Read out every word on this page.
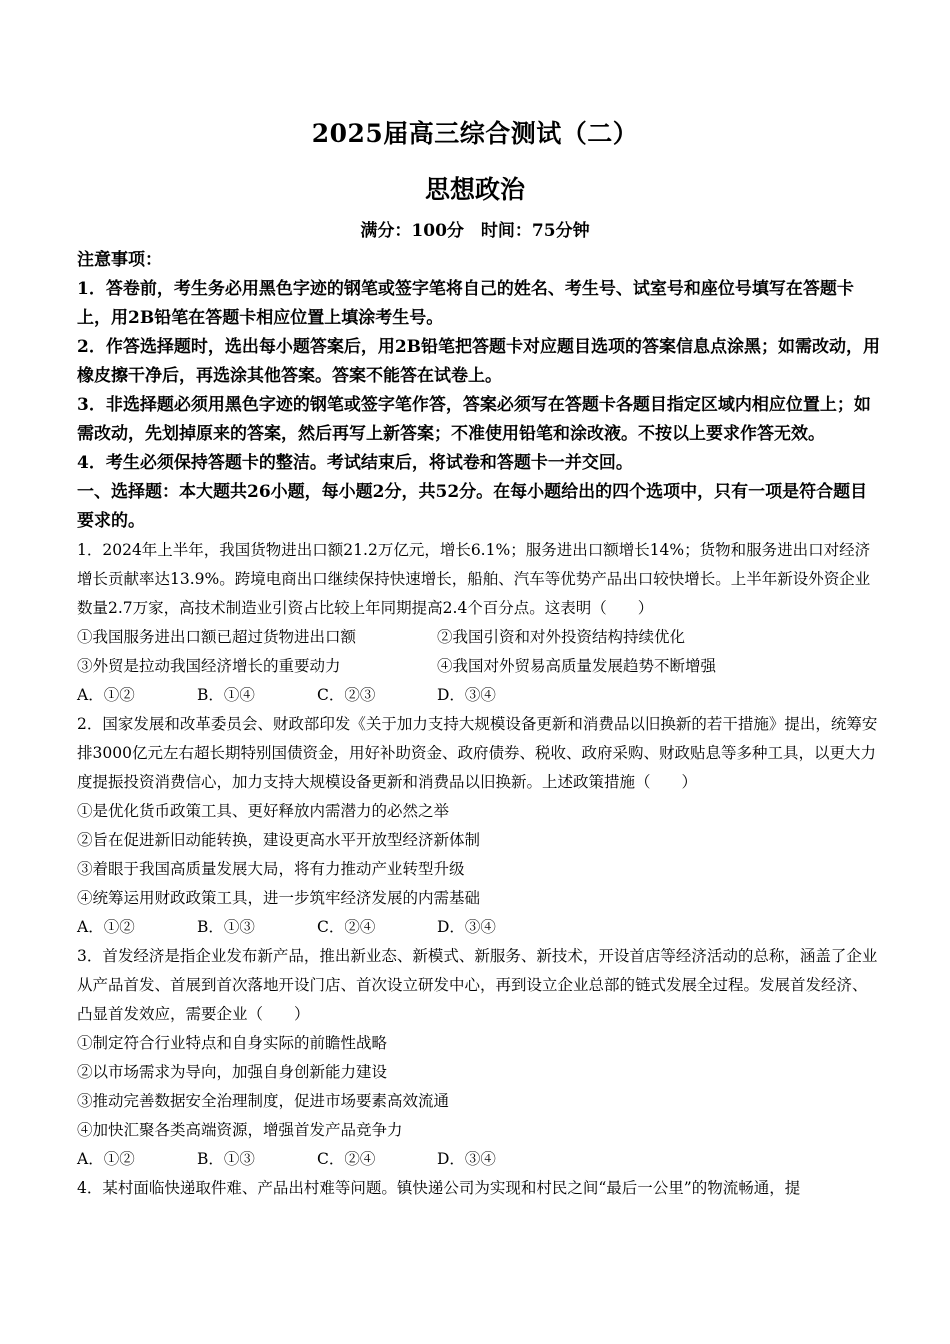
2025届高三综合测试（二）
思想政治
满分：100分　时间：75分钟

注意事项：

1．答卷前，考生务必用黑色字迹的钢笔或签字笔将自己的姓名、考生号、试室号和座位号填写在答题卡上，用2B铅笔在答题卡相应位置上填涂考生号。

2．作答选择题时，选出每小题答案后，用2B铅笔把答题卡对应题目选项的答案信息点涂黑；如需改动，用橡皮擦干净后，再选涂其他答案。答案不能答在试卷上。

3．非选择题必须用黑色字迹的钢笔或签字笔作答，答案必须写在答题卡各题目指定区域内相应位置上；如需改动，先划掉原来的答案，然后再写上新答案；不准使用铅笔和涂改液。不按以上要求作答无效。

4．考生必须保持答题卡的整洁。考试结束后，将试卷和答题卡一并交回。

一、选择题：本大题共26小题，每小题2分，共52分。在每小题给出的四个选项中，只有一项是符合题目要求的。

1．2024年上半年，我国货物进出口额21.2万亿元，增长6.1%；服务进出口额增长14%；货物和服务进出口对经济增长贡献率达13.9%。跨境电商出口继续保持快速增长，船舶、汽车等优势产品出口较快增长。上半年新设外资企业数量2.7万家，高技术制造业引资占比较上年同期提高2.4个百分点。这表明（　　）

①我国服务进出口额已超过货物进出口额	②我国引资和对外投资结构持续优化
③外贸是拉动我国经济增长的重要动力	④我国对外贸易高质量发展趋势不断增强
A．①②	B．①④	C．②③	D．③④

2．国家发展和改革委员会、财政部印发《关于加力支持大规模设备更新和消费品以旧换新的若干措施》提出，统筹安排3000亿元左右超长期特别国债资金，用好补助资金、政府债券、税收、政府采购、财政贴息等多种工具，以更大力度提振投资消费信心，加力支持大规模设备更新和消费品以旧换新。上述政策措施（　　）

①是优化货币政策工具、更好释放内需潜力的必然之举

②旨在促进新旧动能转换，建设更高水平开放型经济新体制

③着眼于我国高质量发展大局，将有力推动产业转型升级

④统筹运用财政政策工具，进一步筑牢经济发展的内需基础

A．①②	B．①③	C．②④	D．③④

3．首发经济是指企业发布新产品，推出新业态、新模式、新服务、新技术，开设首店等经济活动的总称，涵盖了企业从产品首发、首展到首次落地开设门店、首次设立研发中心，再到设立企业总部的链式发展全过程。发展首发经济、凸显首发效应，需要企业（　　）

①制定符合行业特点和自身实际的前瞻性战略

②以市场需求为导向，加强自身创新能力建设

③推动完善数据安全治理制度，促进市场要素高效流通

④加快汇聚各类高端资源，增强首发产品竞争力

A．①②	B．①③	C．②④	D．③④

4．某村面临快递取件难、产品出村难等问题。镇快递公司为实现和村民之间“最后一公里”的物流畅通，提
